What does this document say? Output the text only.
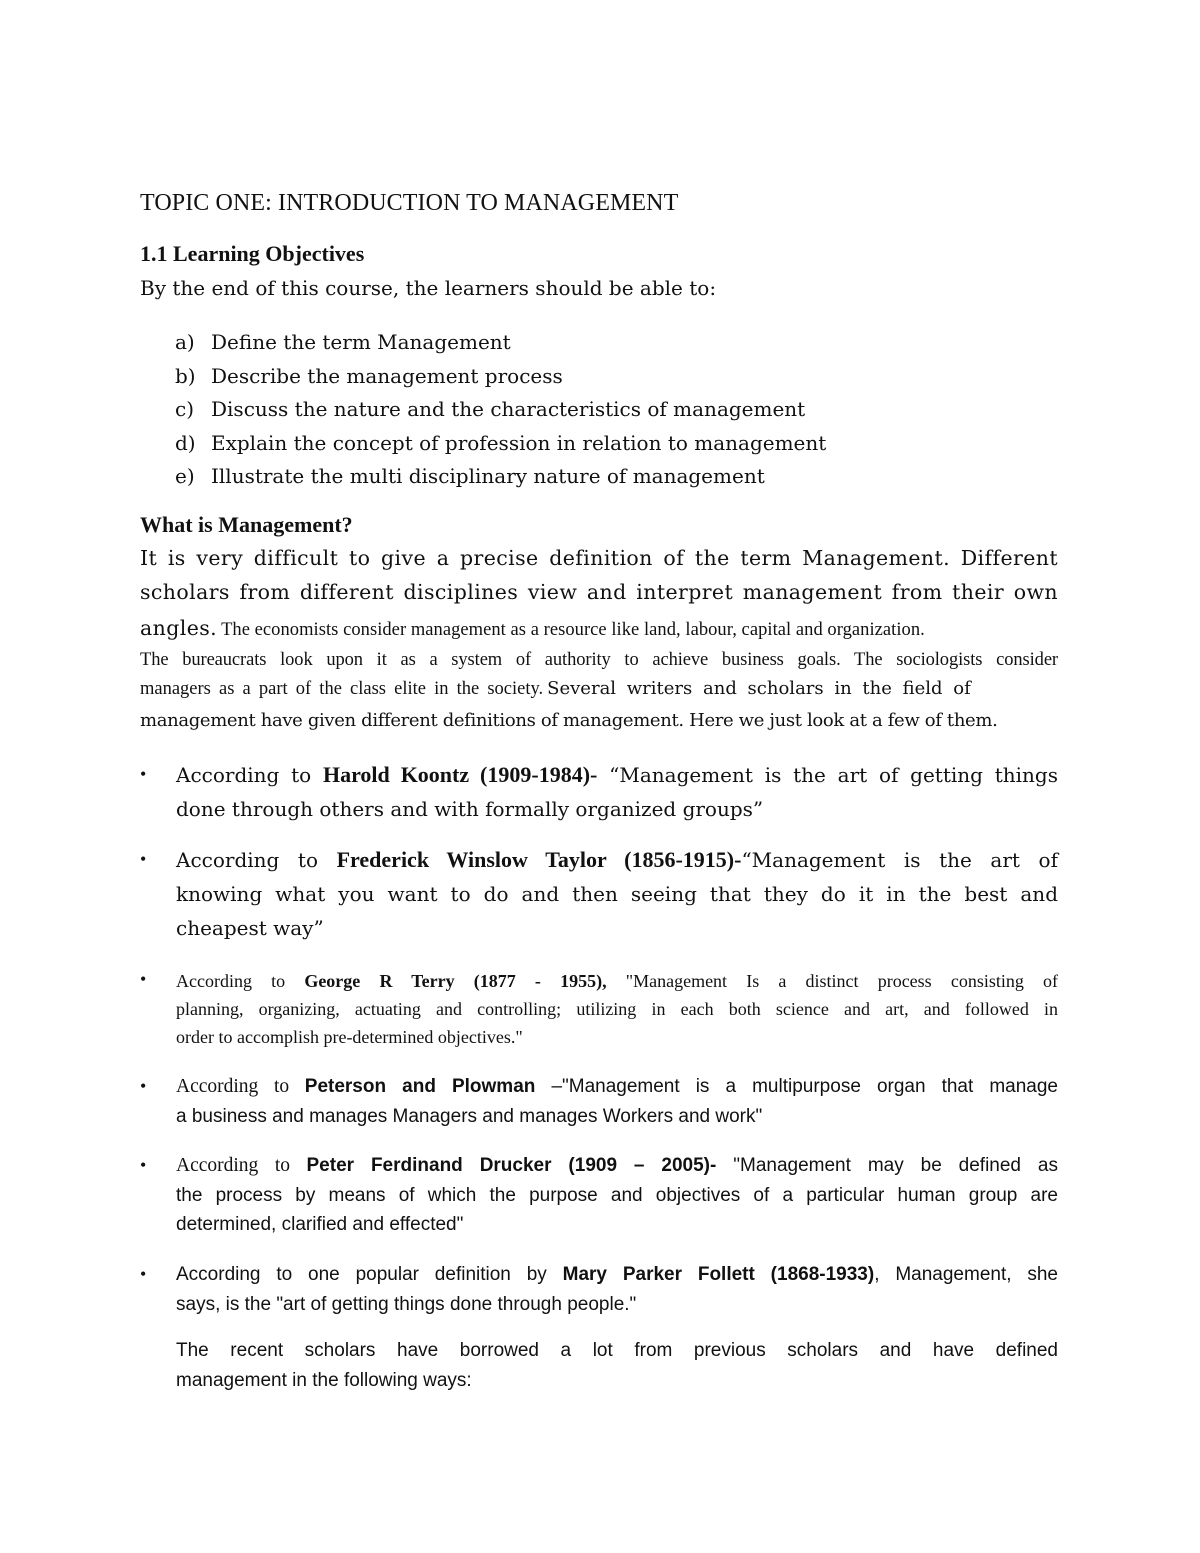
TOPIC ONE: INTRODUCTION TO MANAGEMENT
1.1 Learning Objectives
By the end of this course, the learners should be able to:
a) Define the term Management
b) Describe the management process
c) Discuss the nature and the characteristics of management
d) Explain the concept of profession in relation to management
e) Illustrate the multi disciplinary nature of management
What is Management?
It is very difficult to give a precise definition of the term Management. Different
scholars from different disciplines view and interpret management from their own
angles. The economists consider management as a resource like land, labour, capital and organization.
The bureaucrats look upon it as a system of authority to achieve business goals. The sociologists consider
managers as a part of the class elite in the society. Several writers and scholars in the field of
management have given different definitions of management. Here we just look at a few of them.
• According to Harold Koontz (1909-1984)- “Management is the art of getting things
done through others and with formally organized groups”
• According to Frederick Winslow Taylor (1856-1915)-“Management is the art of
knowing what you want to do and then seeing that they do it in the best and
cheapest way”
• According to George R Terry (1877 - 1955), "Management Is a distinct process consisting of
planning, organizing, actuating and controlling; utilizing in each both science and art, and followed in
order to accomplish pre-determined objectives."
• According to Peterson and Plowman –"Management is a multipurpose organ that manage
a business and manages Managers and manages Workers and work"
• According to Peter Ferdinand Drucker (1909 – 2005)- "Management may be defined as
the process by means of which the purpose and objectives of a particular human group are
determined, clarified and effected"
• According to one popular definition by Mary Parker Follett (1868-1933), Management, she
says, is the "art of getting things done through people."
The recent scholars have borrowed a lot from previous scholars and have defined
management in the following ways:
